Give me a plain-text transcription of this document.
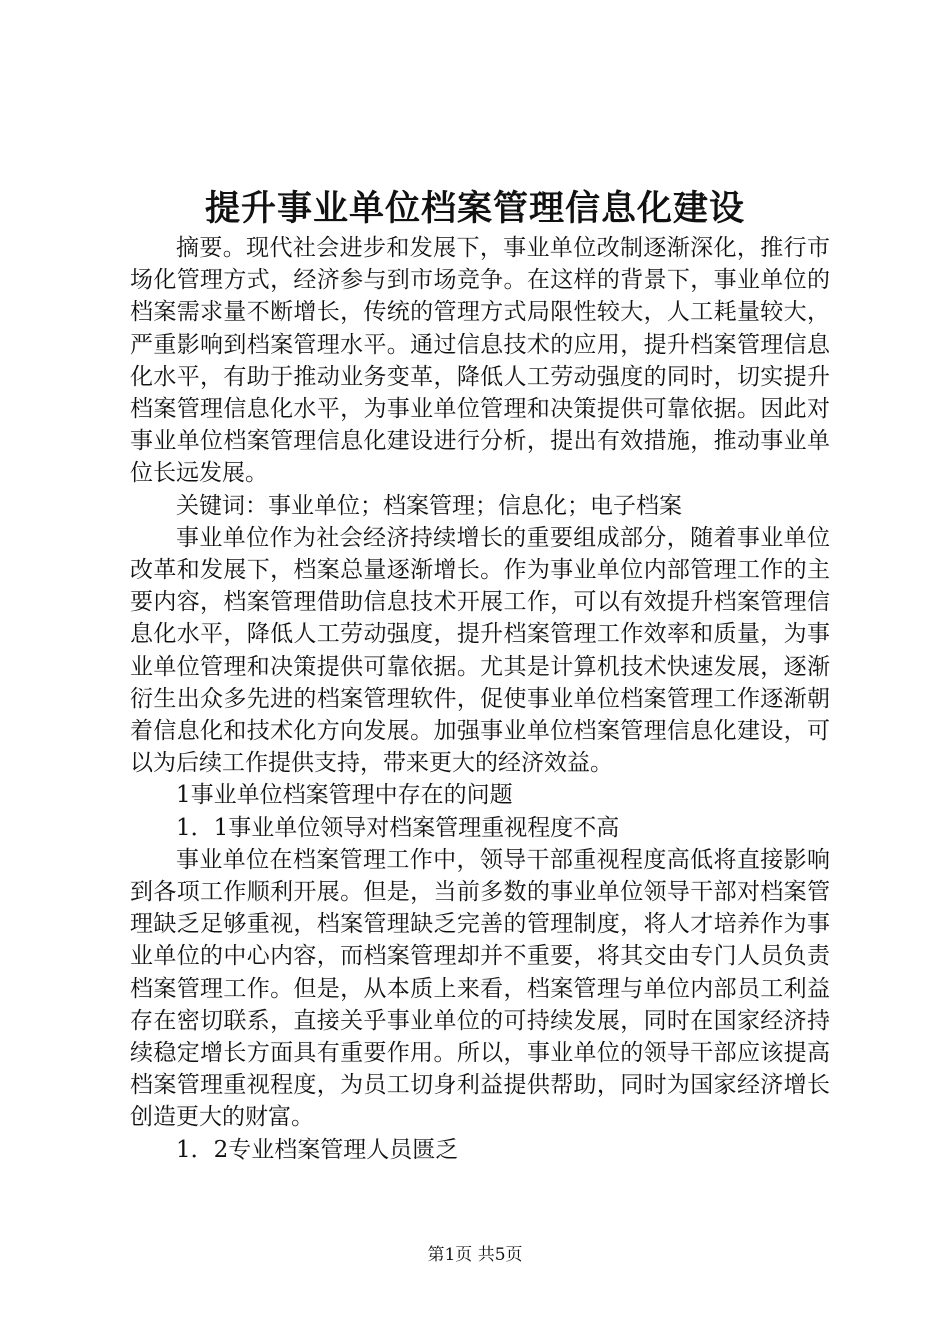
提升事业单位档案管理信息化建设

摘要。现代社会进步和发展下，事业单位改制逐渐深化，推行市场化管理方式，经济参与到市场竞争。在这样的背景下，事业单位的档案需求量不断增长，传统的管理方式局限性较大，人工耗量较大，严重影响到档案管理水平。通过信息技术的应用，提升档案管理信息化水平，有助于推动业务变革，降低人工劳动强度的同时，切实提升档案管理信息化水平，为事业单位管理和决策提供可靠依据。因此对事业单位档案管理信息化建设进行分析，提出有效措施，推动事业单位长远发展。

关键词：事业单位；档案管理；信息化；电子档案

事业单位作为社会经济持续增长的重要组成部分，随着事业单位改革和发展下，档案总量逐渐增长。作为事业单位内部管理工作的主要内容，档案管理借助信息技术开展工作，可以有效提升档案管理信息化水平，降低人工劳动强度，提升档案管理工作效率和质量，为事业单位管理和决策提供可靠依据。尤其是计算机技术快速发展，逐渐衍生出众多先进的档案管理软件，促使事业单位档案管理工作逐渐朝着信息化和技术化方向发展。加强事业单位档案管理信息化建设，可以为后续工作提供支持，带来更大的经济效益。

1事业单位档案管理中存在的问题

1．1事业单位领导对档案管理重视程度不高

事业单位在档案管理工作中，领导干部重视程度高低将直接影响到各项工作顺利开展。但是，当前多数的事业单位领导干部对档案管理缺乏足够重视，档案管理缺乏完善的管理制度，将人才培养作为事业单位的中心内容，而档案管理却并不重要，将其交由专门人员负责档案管理工作。但是，从本质上来看，档案管理与单位内部员工利益存在密切联系，直接关乎事业单位的可持续发展，同时在国家经济持续稳定增长方面具有重要作用。所以，事业单位的领导干部应该提高档案管理重视程度，为员工切身利益提供帮助，同时为国家经济增长创造更大的财富。

1．2专业档案管理人员匮乏

第1页 共5页
